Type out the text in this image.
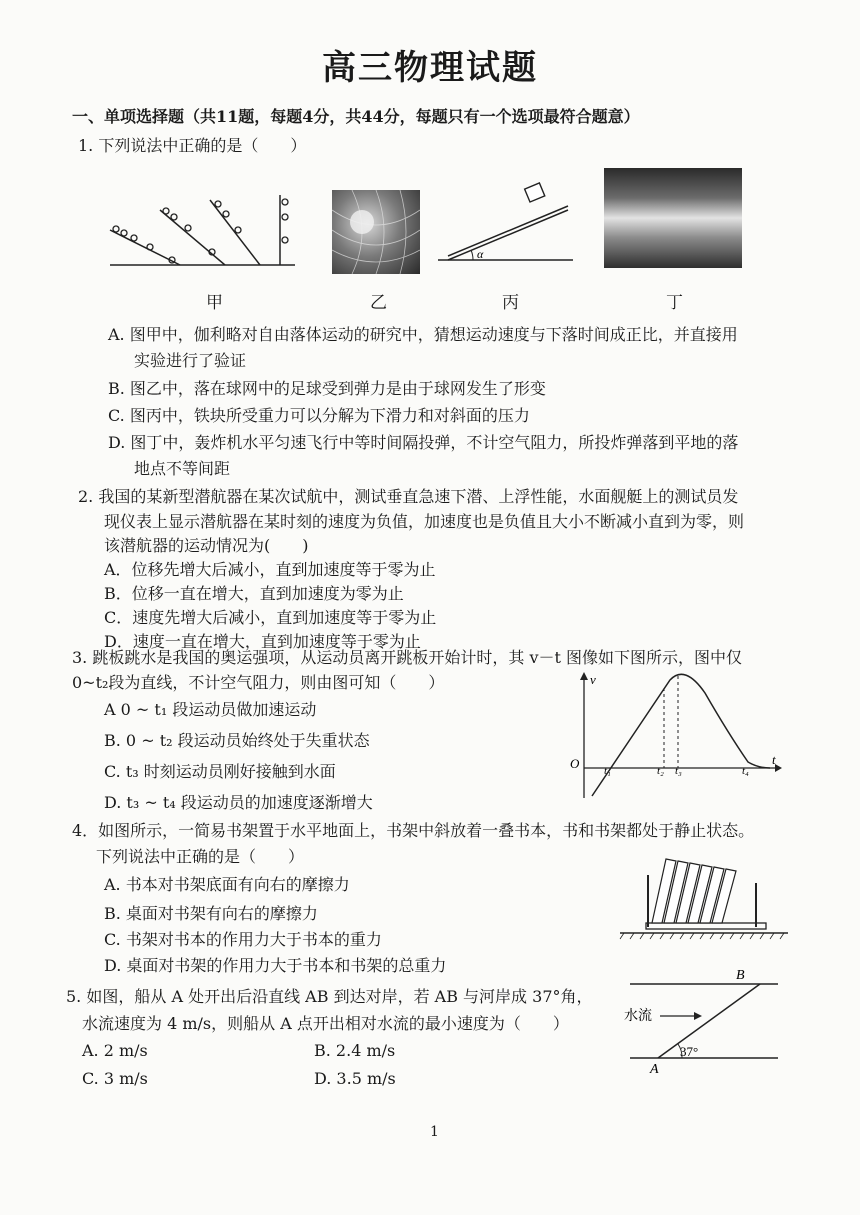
高三物理试题
一、单项选择题（共11题，每题4分，共44分，每题只有一个选项最符合题意）
1. 下列说法中正确的是（　　）
α
甲	乙	丙	丁
A. 图甲中，伽利略对自由落体运动的研究中，猜想运动速度与下落时间成正比，并直接用
实验进行了验证
B. 图乙中，落在球网中的足球受到弹力是由于球网发生了形变
C. 图丙中，铁块所受重力可以分解为下滑力和对斜面的压力
D. 图丁中，轰炸机水平匀速飞行中等时间隔投弹，不计空气阻力，所投炸弹落到平地的落
地点不等间距
2. 我国的某新型潜航器在某次试航中，测试垂直急速下潜、上浮性能，水面舰艇上的测试员发
现仪表上显示潜航器在某时刻的速度为负值，加速度也是负值且大小不断减小直到为零，则
该潜航器的运动情况为(　　)
A．位移先增大后减小，直到加速度等于零为止
B．位移一直在增大，直到加速度为零为止
C．速度先增大后减小，直到加速度等于零为止
D．速度一直在增大，直到加速度等于零为止
3. 跳板跳水是我国的奥运强项，从运动员离开跳板开始计时，其 v－t 图像如下图所示，图中仅
0~t₂段为直线，不计空气阻力，则由图可知（　　）
A 0 ~ t₁ 段运动员做加速运动
B. 0 ~ t₂ 段运动员始终处于失重状态
C. t₃ 时刻运动员刚好接触到水面
D. t₃ ~ t₄ 段运动员的加速度逐渐增大
v
t
O t₁	t₂ t₃	t₄
4．如图所示，一简易书架置于水平地面上，书架中斜放着一叠书本，书和书架都处于静止状态。
下列说法中正确的是（　　）
A. 书本对书架底面有向右的摩擦力
B. 桌面对书架有向右的摩擦力
C. 书架对书本的作用力大于书本的重力
D. 桌面对书架的作用力大于书本和书架的总重力
5. 如图，船从 A 处开出后沿直线 AB 到达对岸，若 AB 与河岸成 37°角，
水流速度为 4 m/s，则船从 A 点开出相对水流的最小速度为（　　）
A. 2 m/s	B. 2.4 m/s
C. 3 m/s	D. 3.5 m/s
B
A
水流
37°
1
